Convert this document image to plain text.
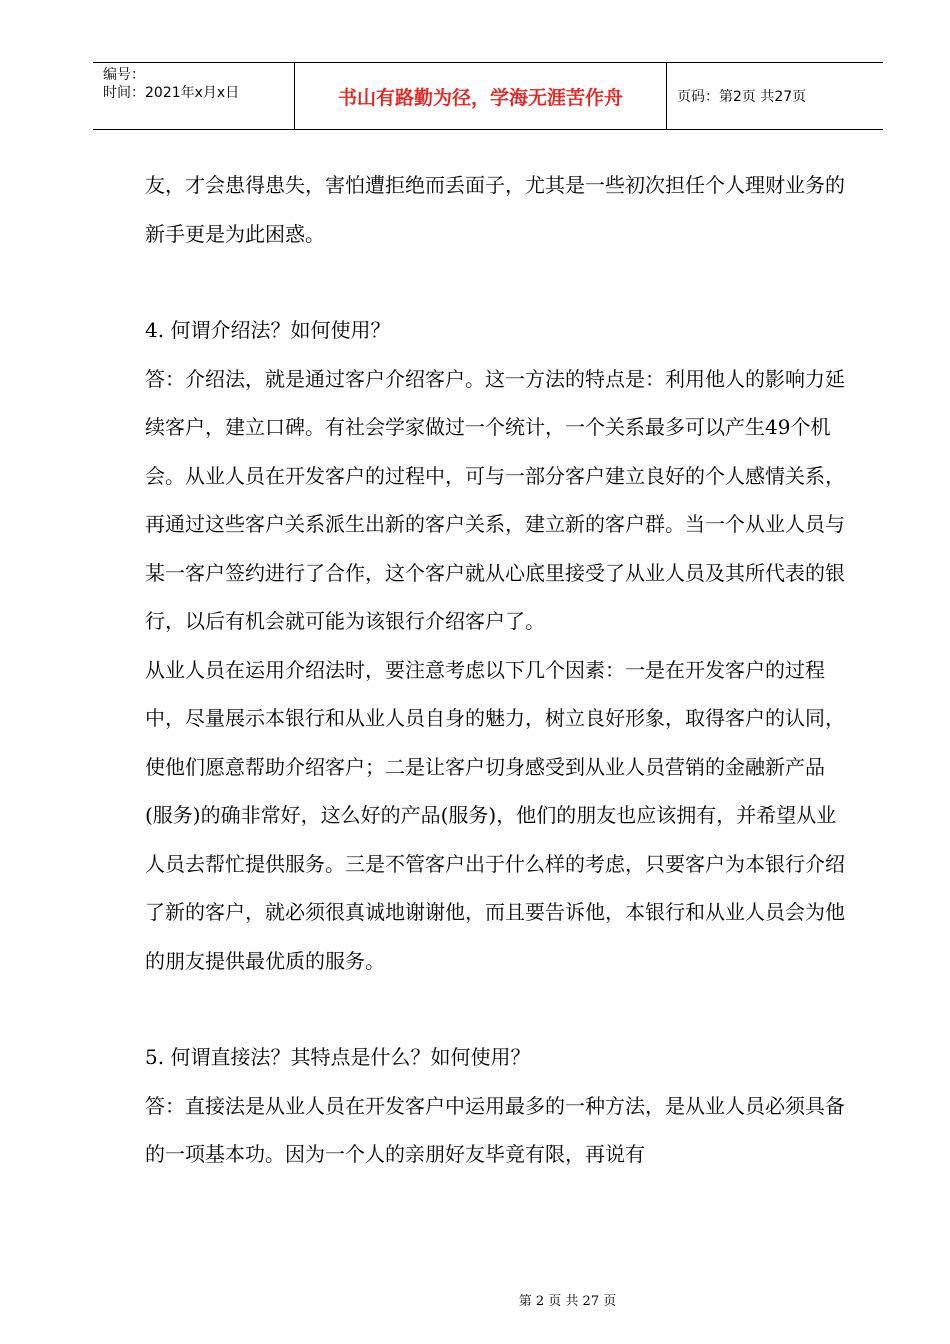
编号：
时间：2021年x月x日	书山有路勤为径，学海无涯苦作舟	页码：第2页 共27页

友，才会患得患失，害怕遭拒绝而丢面子，尤其是一些初次担任个人理财业务的新手更是为此困惑。

4. 何谓介绍法？如何使用？

答：介绍法，就是通过客户介绍客户。这一方法的特点是：利用他人的影响力延续客户，建立口碑。有社会学家做过一个统计，一个关系最多可以产生49个机会。从业人员在开发客户的过程中，可与一部分客户建立良好的个人感情关系，再通过这些客户关系派生出新的客户关系，建立新的客户群。当一个从业人员与某一客户签约进行了合作，这个客户就从心底里接受了从业人员及其所代表的银行，以后有机会就可能为该银行介绍客户了。

从业人员在运用介绍法时，要注意考虑以下几个因素：一是在开发客户的过程中，尽量展示本银行和从业人员自身的魅力，树立良好形象，取得客户的认同，使他们愿意帮助介绍客户；二是让客户切身感受到从业人员营销的金融新产品(服务)的确非常好，这么好的产品(服务)，他们的朋友也应该拥有，并希望从业人员去帮忙提供服务。三是不管客户出于什么样的考虑，只要客户为本银行介绍了新的客户，就必须很真诚地谢谢他，而且要告诉他，本银行和从业人员会为他的朋友提供最优质的服务。

5. 何谓直接法？其特点是什么？如何使用？

答：直接法是从业人员在开发客户中运用最多的一种方法，是从业人员必须具备的一项基本功。因为一个人的亲朋好友毕竟有限，再说有

第 2 页 共 27 页
